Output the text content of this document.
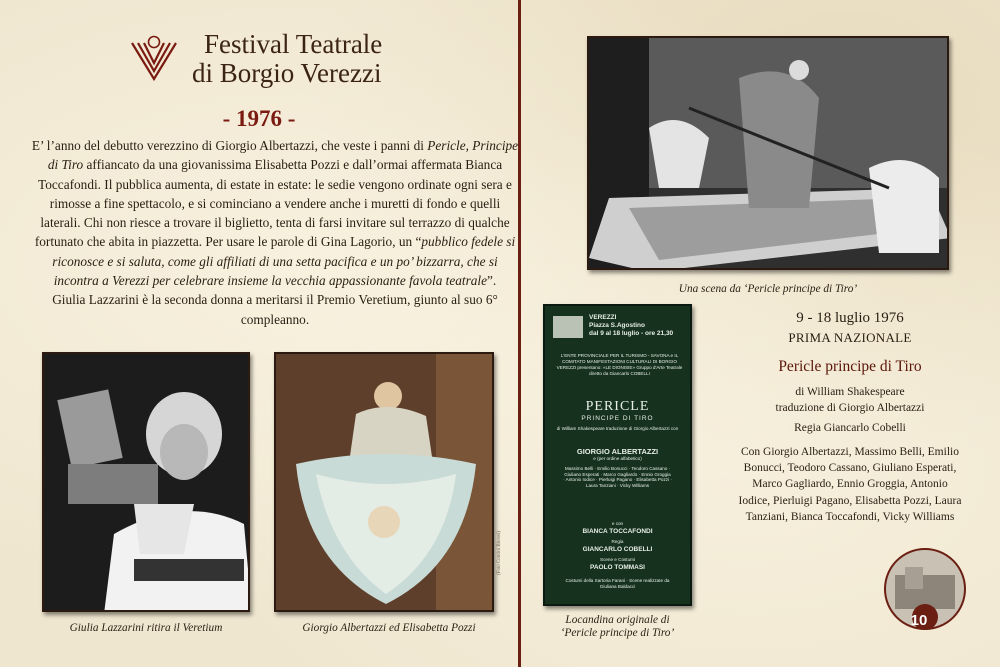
Festival Teatrale
di Borgio Verezzi
- 1976 -
E’ l’anno del debutto verezzino di Giorgio Albertazzi, che veste i panni di Pericle, Principe di Tiro affiancato da una giovanissima Elisabetta Pozzi e dall’ormai affermata Bianca Toccafondi. Il pubblica aumenta, di estate in estate: le sedie vengono ordinate ogni sera e rimosse a fine spettacolo, e si cominciano a vendere anche i muretti di fondo e quelli laterali. Chi non riesce a trovare il biglietto, tenta di farsi invitare sul terrazzo di qualche fortunato che abita in piazzetta. Per usare le parole di Gina Lagorio, un “pubblico fedele si riconosce e si saluta, come gli affiliati di una setta pacifica e un po’ bizzarra, che si incontra a Verezzi per celebrare insieme la vecchia appassionante favola teatrale”.
Giulia Lazzarini è la seconda donna a meritarsi il Premio Veretium, giunto al suo 6° compleanno.
Giulia Lazzarini ritira il Veretium	Giorgio Albertazzi ed Elisabetta Pozzi
(Foto Contini Bitossi)
Una scena da ‘Pericle principe di Tiro’
VEREZZI
Piazza S.Agostino
dal 9 al 18 luglio - ore 21,30
L'ENTE PROVINCIALE PER IL TURISMO - SAVONA e IL COMITATO MANIFESTAZIONI CULTURALI DI BORGIO VEREZZI presentano: «LE DIONISIE» Gruppo d'Arte Teatrale diretto da Giancarlo COBELLI
PERICLE
PRINCIPE DI TIRO
di William Shakespeare traduzione di Giorgio Albertazzi con
GIORGIO ALBERTAZZI
e (per ordine alfabetico)
Massimo Belli · Emilio Bonucci · Teodoro Cassano · Giuliano Esperati · Marco Gagliardo · Ennio Groggia · Antonio Iodice · Pierluigi Pagano · Elisabetta Pozzi · Laura Tanziani · Vicky Williams
e con
BIANCA TOCCAFONDI
Regia
GIANCARLO COBELLI
Scene e Costumi
PAOLO TOMMASI
Costumi della Sartoria Farani · Scene realizzate da Giuliana Baldacci
Locandina originale di
‘Pericle principe di Tiro’
9 - 18 luglio 1976
PRIMA NAZIONALE
Pericle principe di Tiro
di William Shakespeare
traduzione di Giorgio Albertazzi
Regia Giancarlo Cobelli
Con Giorgio Albertazzi, Massimo Belli, Emilio Bonucci, Teodoro Cassano, Giuliano Esperati, Marco Gagliardo, Ennio Groggia, Antonio Iodice, Pierluigi Pagano, Elisabetta Pozzi, Laura Tanziani, Bianca Toccafondi, Vicky Williams
10
